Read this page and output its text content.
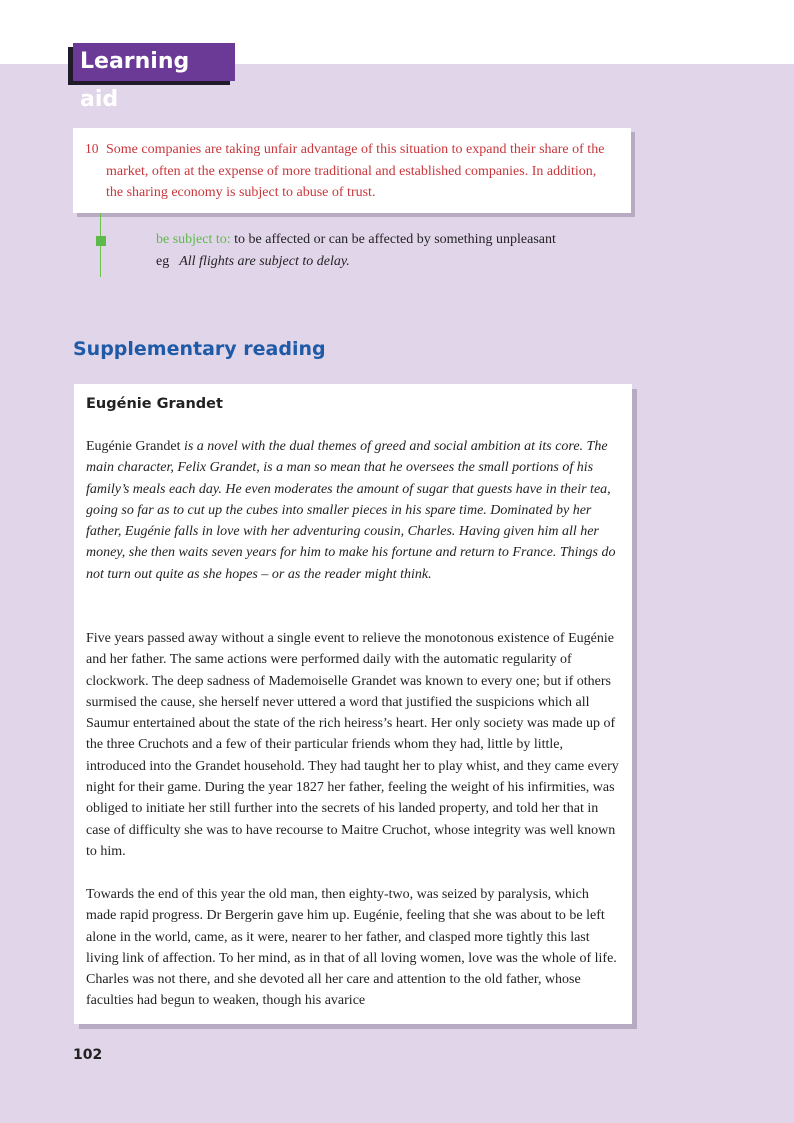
Learning aid
10 Some companies are taking unfair advantage of this situation to expand their share of the market, often at the expense of more traditional and established companies. In addition, the sharing economy is subject to abuse of trust.

be subject to: to be affected or can be affected by something unpleasant
eg All flights are subject to delay.
Supplementary reading
Eugénie Grandet

Eugénie Grandet is a novel with the dual themes of greed and social ambition at its core. The main character, Felix Grandet, is a man so mean that he oversees the small portions of his family’s meals each day. He even moderates the amount of sugar that guests have in their tea, going so far as to cut up the cubes into smaller pieces in his spare time. Dominated by her father, Eugénie falls in love with her adventuring cousin, Charles. Having given him all her money, she then waits seven years for him to make his fortune and return to France. Things do not turn out quite as she hopes – or as the reader might think.

Five years passed away without a single event to relieve the monotonous existence of Eugénie and her father. The same actions were performed daily with the automatic regularity of clockwork. The deep sadness of Mademoiselle Grandet was known to every one; but if others surmised the cause, she herself never uttered a word that justified the suspicions which all Saumur entertained about the state of the rich heiress’s heart. Her only society was made up of the three Cruchots and a few of their particular friends whom they had, little by little, introduced into the Grandet household. They had taught her to play whist, and they came every night for their game. During the year 1827 her father, feeling the weight of his infirmities, was obliged to initiate her still further into the secrets of his landed property, and told her that in case of difficulty she was to have recourse to Maitre Cruchot, whose integrity was well known to him.

Towards the end of this year the old man, then eighty-two, was seized by paralysis, which made rapid progress. Dr Bergerin gave him up. Eugénie, feeling that she was about to be left alone in the world, came, as it were, nearer to her father, and clasped more tightly this last living link of affection. To her mind, as in that of all loving women, love was the whole of life. Charles was not there, and she devoted all her care and attention to the old father, whose faculties had begun to weaken, though his avarice

102
